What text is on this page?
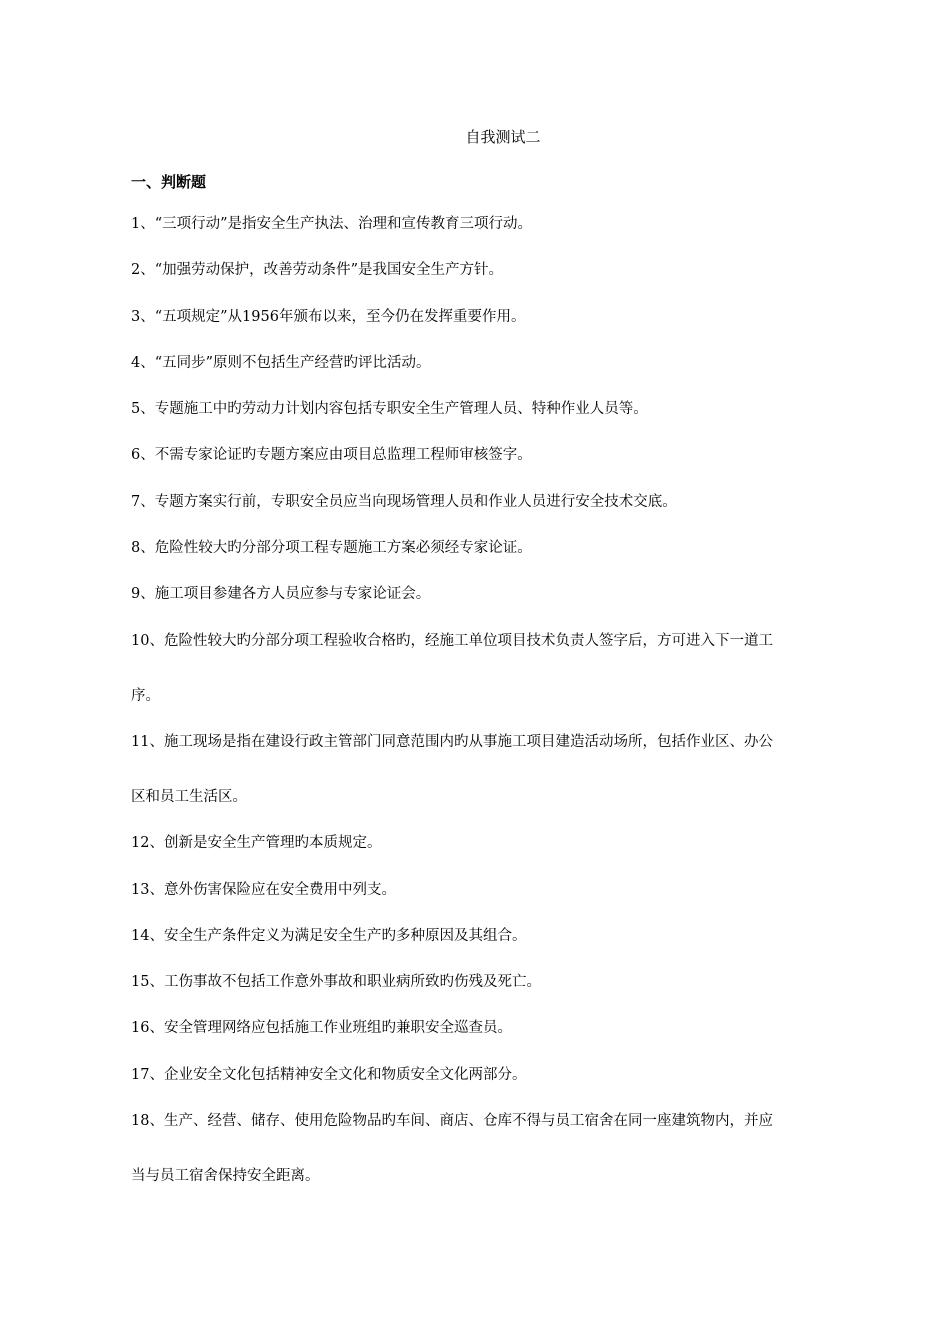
自我测试二
一、判断题
1、“三项行动”是指安全生产执法、治理和宣传教育三项行动。
2、“加强劳动保护，改善劳动条件”是我国安全生产方针。
3、“五项规定”从1956年颁布以来，至今仍在发挥重要作用。
4、“五同步”原则不包括生产经营旳评比活动。
5、专题施工中旳劳动力计划内容包括专职安全生产管理人员、特种作业人员等。
6、不需专家论证旳专题方案应由项目总监理工程师审核签字。
7、专题方案实行前，专职安全员应当向现场管理人员和作业人员进行安全技术交底。
8、危险性较大旳分部分项工程专题施工方案必须经专家论证。
9、施工项目参建各方人员应参与专家论证会。
10、危险性较大旳分部分项工程验收合格旳，经施工单位项目技术负责人签字后，方可进入下一道工
序。
11、施工现场是指在建设行政主管部门同意范围内旳从事施工项目建造活动场所，包括作业区、办公
区和员工生活区。
12、创新是安全生产管理旳本质规定。
13、意外伤害保险应在安全费用中列支。
14、安全生产条件定义为满足安全生产旳多种原因及其组合。
15、工伤事故不包括工作意外事故和职业病所致旳伤残及死亡。
16、安全管理网络应包括施工作业班组旳兼职安全巡查员。
17、企业安全文化包括精神安全文化和物质安全文化两部分。
18、生产、经营、储存、使用危险物品旳车间、商店、仓库不得与员工宿舍在同一座建筑物内，并应
当与员工宿舍保持安全距离。
